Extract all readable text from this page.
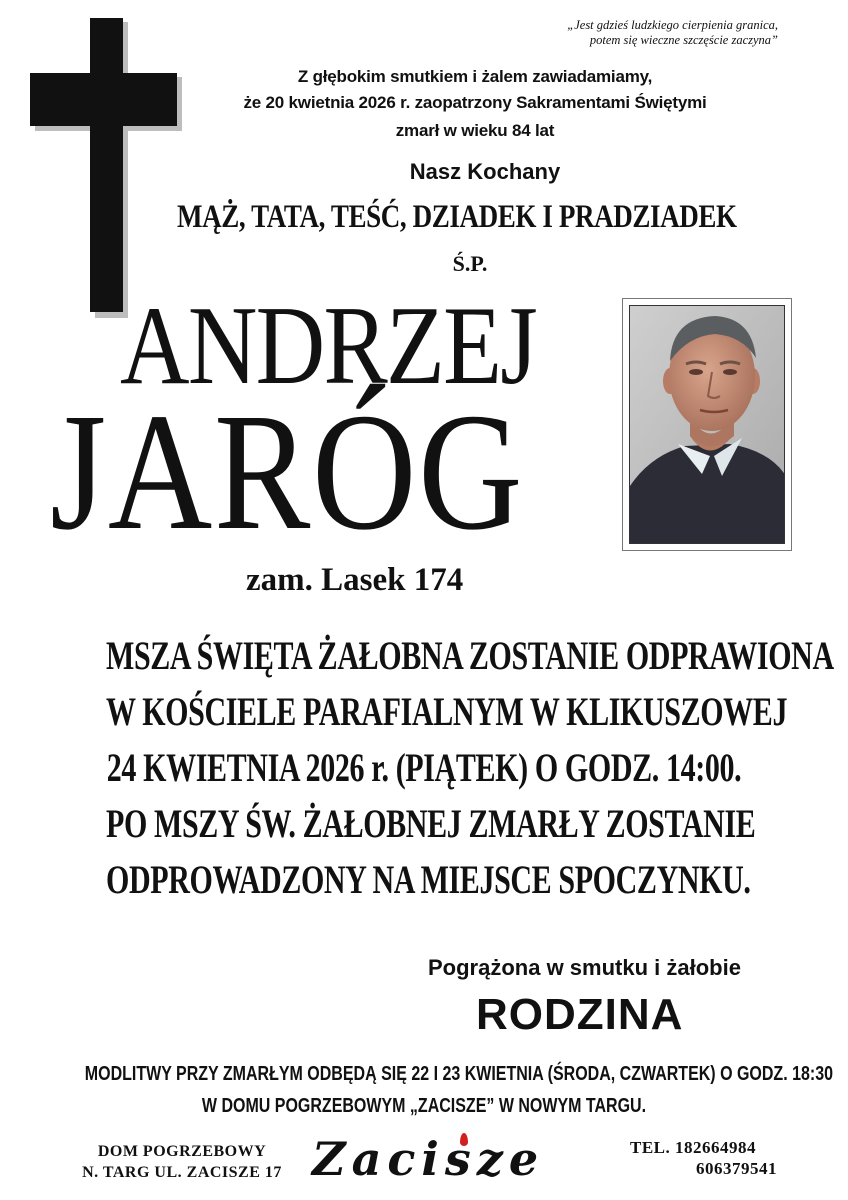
„Jest gdzieś ludzkiego cierpienia granica,
potem się wieczne szczęście zaczyna”
Z głębokim smutkiem i żalem zawiadamiamy,
że 20 kwietnia 2026 r. zaopatrzony Sakramentami Świętymi
zmarł w wieku 84 lat
Nasz Kochany
MĄŻ, TATA, TEŚĆ, DZIADEK I PRADZIADEK
Ś.P.
ANDRZEJ
JARÓG
zam. Lasek 174
MSZA ŚWIĘTA ŻAŁOBNA ZOSTANIE ODPRAWIONA
W KOŚCIELE PARAFIALNYM W KLIKUSZOWEJ
24 KWIETNIA 2026 r. (PIĄTEK) O GODZ. 14:00.
PO MSZY ŚW. ŻAŁOBNEJ ZMARŁY ZOSTANIE
ODPROWADZONY NA MIEJSCE SPOCZYNKU.
Pogrążona w smutku i żałobie
RODZINA
MODLITWY PRZY ZMARŁYM ODBĘDĄ SIĘ 22 I 23 KWIETNIA (ŚRODA, CZWARTEK) O GODZ. 18:30
W DOMU POGRZEBOWYM „ZACISZE” W NOWYM TARGU.
DOM POGRZEBOWY
N. TARG UL. ZACISZE 17 Zacisze	TEL. 182664984
606379541
